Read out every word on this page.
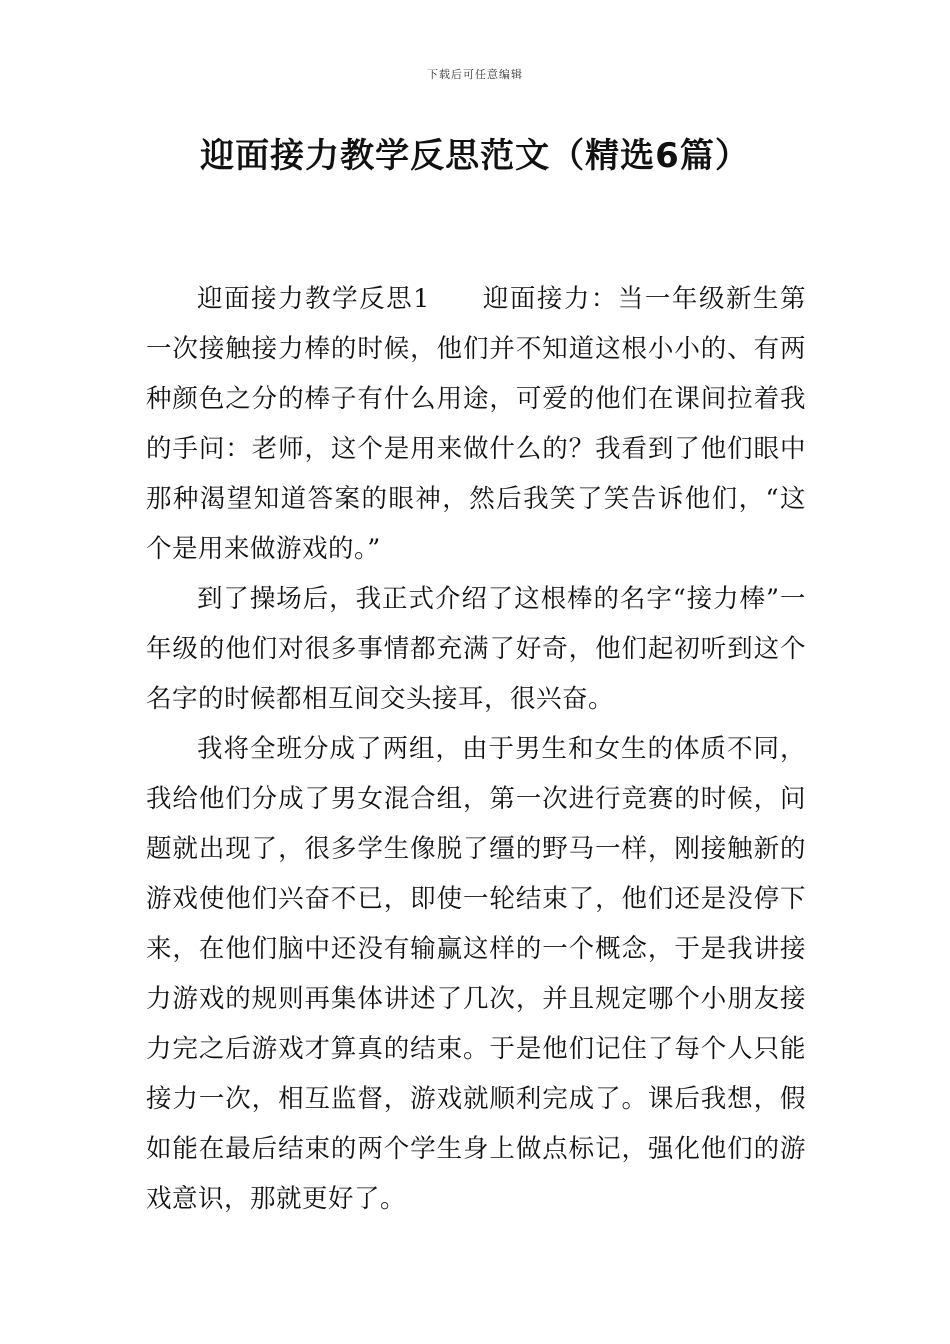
下载后可任意编辑
迎面接力教学反思范文（精选6篇）

迎面接力教学反思1 迎面接力：当一年级新生第一次接触接力棒的时候，他们并不知道这根小小的、有两种颜色之分的棒子有什么用途，可爱的他们在课间拉着我的手问：老师，这个是用来做什么的？我看到了他们眼中那种渴望知道答案的眼神，然后我笑了笑告诉他们，“这个是用来做游戏的。”

到了操场后，我正式介绍了这根棒的名字“接力棒”一年级的他们对很多事情都充满了好奇，他们起初听到这个名字的时候都相互间交头接耳，很兴奋。

我将全班分成了两组，由于男生和女生的体质不同，我给他们分成了男女混合组，第一次进行竞赛的时候，问题就出现了，很多学生像脱了缰的野马一样，刚接触新的游戏使他们兴奋不已，即使一轮结束了，他们还是没停下来，在他们脑中还没有输赢这样的一个概念，于是我讲接力游戏的规则再集体讲述了几次，并且规定哪个小朋友接力完之后游戏才算真的结束。于是他们记住了每个人只能接力一次，相互监督，游戏就顺利完成了。课后我想，假如能在最后结束的两个学生身上做点标记，强化他们的游戏意识，那就更好了。
